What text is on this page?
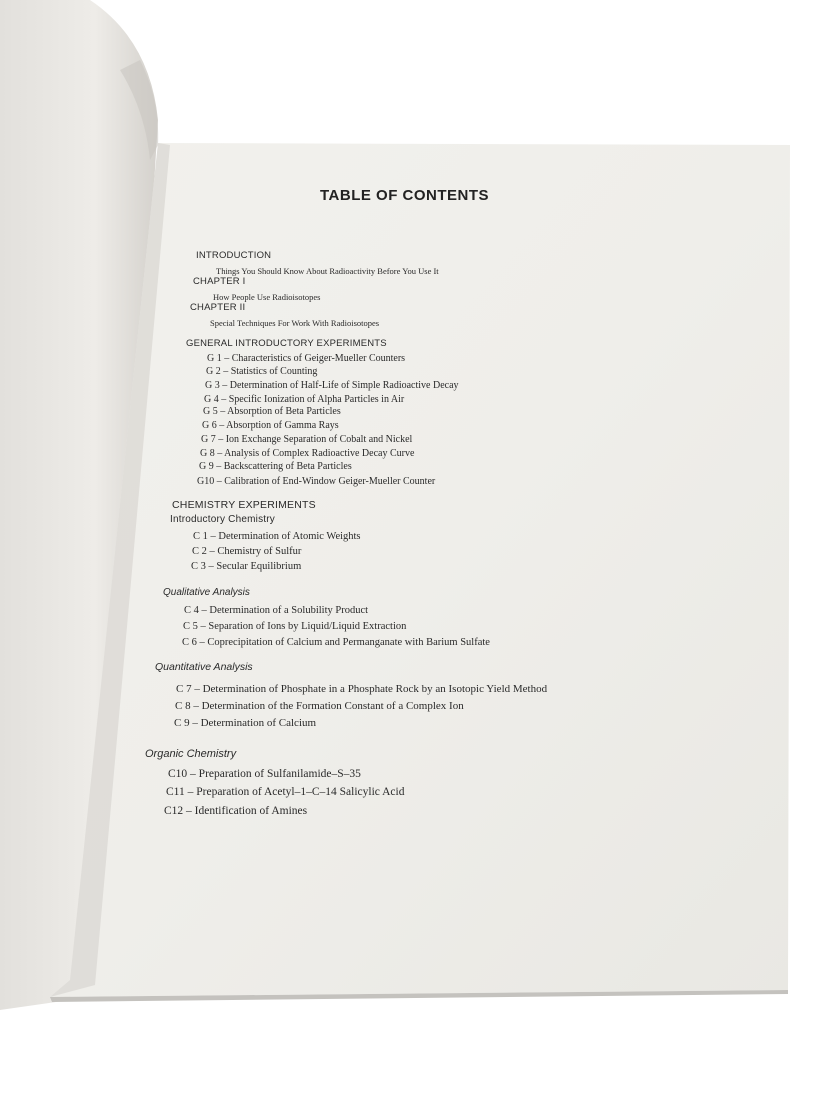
TABLE OF CONTENTS
INTRODUCTION
Things You Should Know About Radioactivity Before You Use It
CHAPTER I
How People Use Radioisotopes
CHAPTER II
Special Techniques For Work With Radioisotopes
GENERAL INTRODUCTORY EXPERIMENTS
G 1 – Characteristics of Geiger-Mueller Counters
G 2 – Statistics of Counting
G 3 – Determination of Half-Life of Simple Radioactive Decay
G 4 – Specific Ionization of Alpha Particles in Air
G 5 – Absorption of Beta Particles
G 6 – Absorption of Gamma Rays
G 7 – Ion Exchange Separation of Cobalt and Nickel
G 8 – Analysis of Complex Radioactive Decay Curve
G 9 – Backscattering of Beta Particles
G10 – Calibration of End-Window Geiger-Mueller Counter
CHEMISTRY EXPERIMENTS
Introductory Chemistry
C 1 – Determination of Atomic Weights
C 2 – Chemistry of Sulfur
C 3 – Secular Equilibrium
Qualitative Analysis
C 4 – Determination of a Solubility Product
C 5 – Separation of Ions by Liquid/Liquid Extraction
C 6 – Coprecipitation of Calcium and Permanganate with Barium Sulfate
Quantitative Analysis
C 7 – Determination of Phosphate in a Phosphate Rock by an Isotopic Yield Method
C 8 – Determination of the Formation Constant of a Complex Ion
C 9 – Determination of Calcium
Organic Chemistry
C10 – Preparation of Sulfanilamide–S–35
C11 – Preparation of Acetyl–1–C–14 Salicylic Acid
C12 – Identification of Amines
